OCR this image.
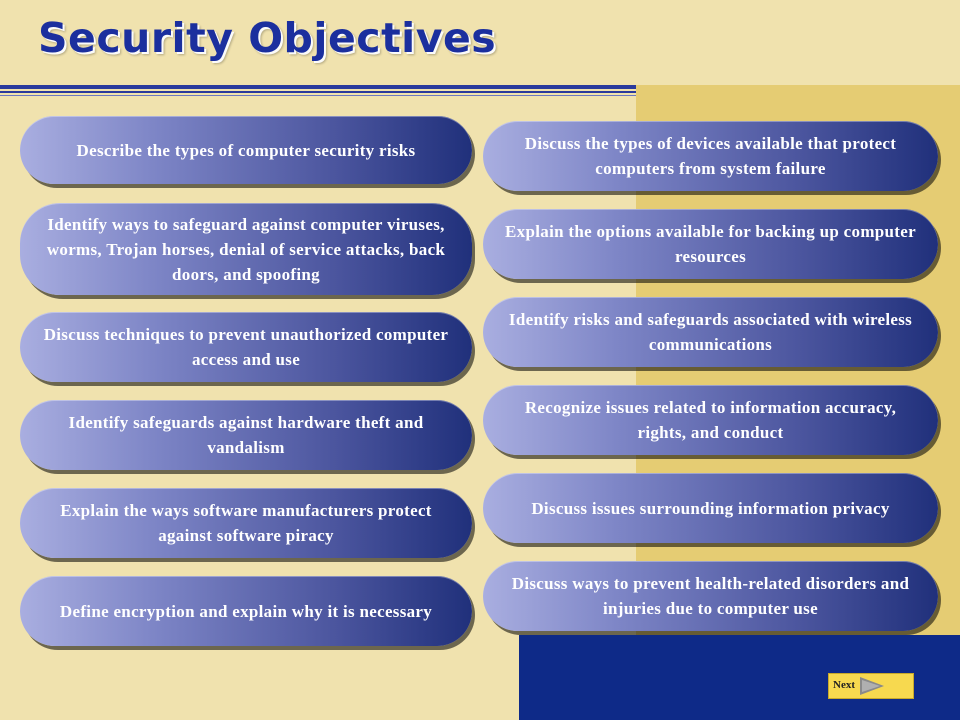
Security Objectives
Describe the types of computer security risks
Identify ways to safeguard against computer viruses, worms, Trojan horses, denial of service attacks, back doors, and spoofing
Discuss techniques to prevent unauthorized computer access and use
Identify safeguards against hardware theft and vandalism
Explain the ways software manufacturers protect against software piracy
Define encryption and explain why it is necessary
Discuss the types of devices available that protect computers from system failure
Explain the options available for backing up computer resources
Identify risks and safeguards associated with wireless communications
Recognize issues related to information accuracy, rights, and conduct
Discuss issues surrounding information privacy
Discuss ways to prevent health-related disorders and injuries due to computer use
Next
